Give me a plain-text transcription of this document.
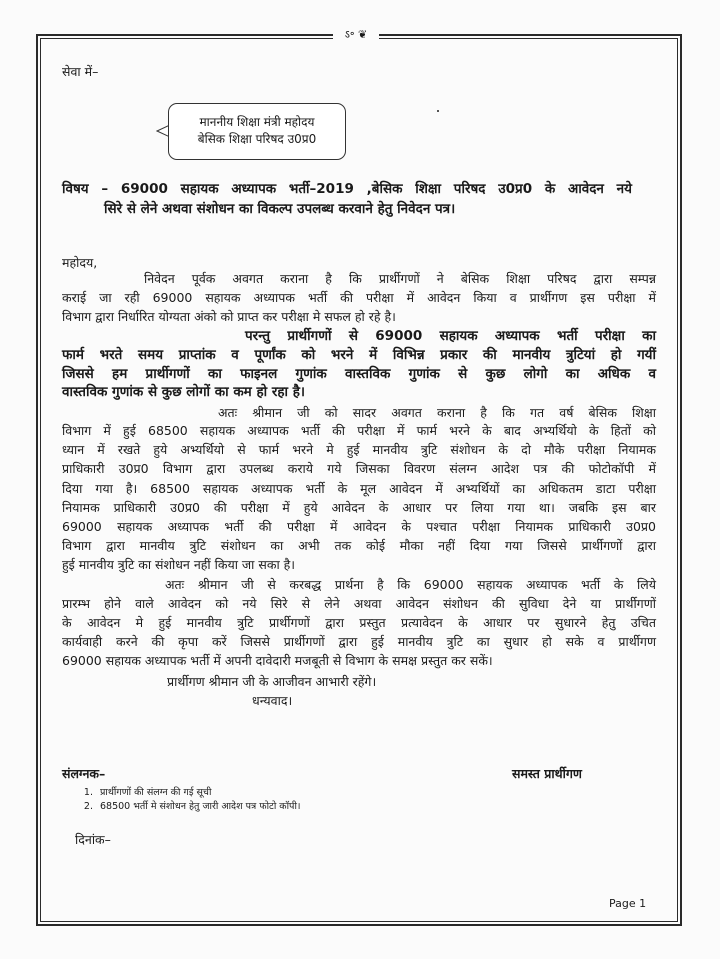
ऽ॰ ❦
सेवा में–
माननीय शिक्षा मंत्री महोदय
बेसिक शिक्षा परिषद उ0प्र0
विषय – 69000 सहायक अध्यापक भर्ती–2019 ,बेसिक शिक्षा परिषद उ0प्र0 के आवेदन नये
सिरे से लेने अथवा संशोधन का विकल्प उपलब्ध करवाने हेतु निवेदन पत्र।
महोदय,
निवेदन पूर्वक अवगत कराना है कि प्रार्थीगणों ने बेसिक शिक्षा परिषद द्वारा सम्पन्न
कराई जा रही 69000 सहायक अध्यापक भर्ती की परीक्षा में आवेदन किया व प्रार्थीगण इस परीक्षा में
विभाग द्वारा निर्धारित योग्यता अंको को प्राप्त कर परीक्षा मे सफल हो रहे है।
परन्तु प्रार्थीगणों से 69000 सहायक अध्यापक भर्ती परीक्षा का
फार्म भरते समय प्राप्तांक व पूर्णांक को भरने में विभिन्न प्रकार की मानवीय त्रुटियां हो गयीं
जिससे हम प्रार्थीगणों का फाइनल गुणांक वास्तविक गुणांक से कुछ लोगो का अधिक व
वास्तविक गुणांक से कुछ लोगों का कम हो रहा है।
अतः श्रीमान जी को सादर अवगत कराना है कि गत वर्ष बेसिक शिक्षा
विभाग में हुई 68500 सहायक अध्यापक भर्ती की परीक्षा में फार्म भरने के बाद अभ्यर्थियो के हितों को
ध्यान में रखते हुये अभ्यर्थियो से फार्म भरने मे हुई मानवीय त्रुटि संशोधन के दो मौके परीक्षा नियामक
प्राधिकारी उ0प्र0 विभाग द्वारा उपलब्ध कराये गये जिसका विवरण संलग्न आदेश पत्र की फोटोकॉपी में
दिया गया है। 68500 सहायक अध्यापक भर्ती के मूल आवेदन में अभ्यर्थियों का अधिकतम डाटा परीक्षा
नियामक प्राधिकारी उ0प्र0 की परीक्षा में हुये आवेदन के आधार पर लिया गया था। जबकि इस बार
69000 सहायक अध्यापक भर्ती की परीक्षा में आवेदन के पश्चात परीक्षा नियामक प्राधिकारी उ0प्र0
विभाग द्वारा मानवीय त्रुटि संशोधन का अभी तक कोई मौका नहीं दिया गया जिससे प्रार्थीगणों द्वारा
हुई मानवीय त्रुटि का संशोधन नहीं किया जा सका है।
अतः श्रीमान जी से करबद्ध प्रार्थना है कि 69000 सहायक अध्यापक भर्ती के लिये
प्रारम्भ होने वाले आवेदन को नये सिरे से लेने अथवा आवेदन संशोधन की सुविधा देने या प्रार्थीगणों
के आवेदन मे हुई मानवीय त्रुटि प्रार्थीगणों द्वारा प्रस्तुत प्रत्यावेदन के आधार पर सुधारने हेतु उचित
कार्यवाही करने की कृपा करें जिससे प्रार्थीगणों द्वारा हुई मानवीय त्रुटि का सुधार हो सके व प्रार्थीगण
69000 सहायक अध्यापक भर्ती में अपनी दावेदारी मजबूती से विभाग के समक्ष प्रस्तुत कर सकें।
प्रार्थीगण श्रीमान जी के आजीवन आभारी रहेंगे।
धन्यवाद।
संलग्नक–	समस्त प्रार्थीगण
1. प्रार्थीगणों की संलग्न की गई सूची
2. 68500 भर्ती मे संशोधन हेतु जारी आदेश पत्र फोटो कॉपी।
दिनांक–
Page 1
